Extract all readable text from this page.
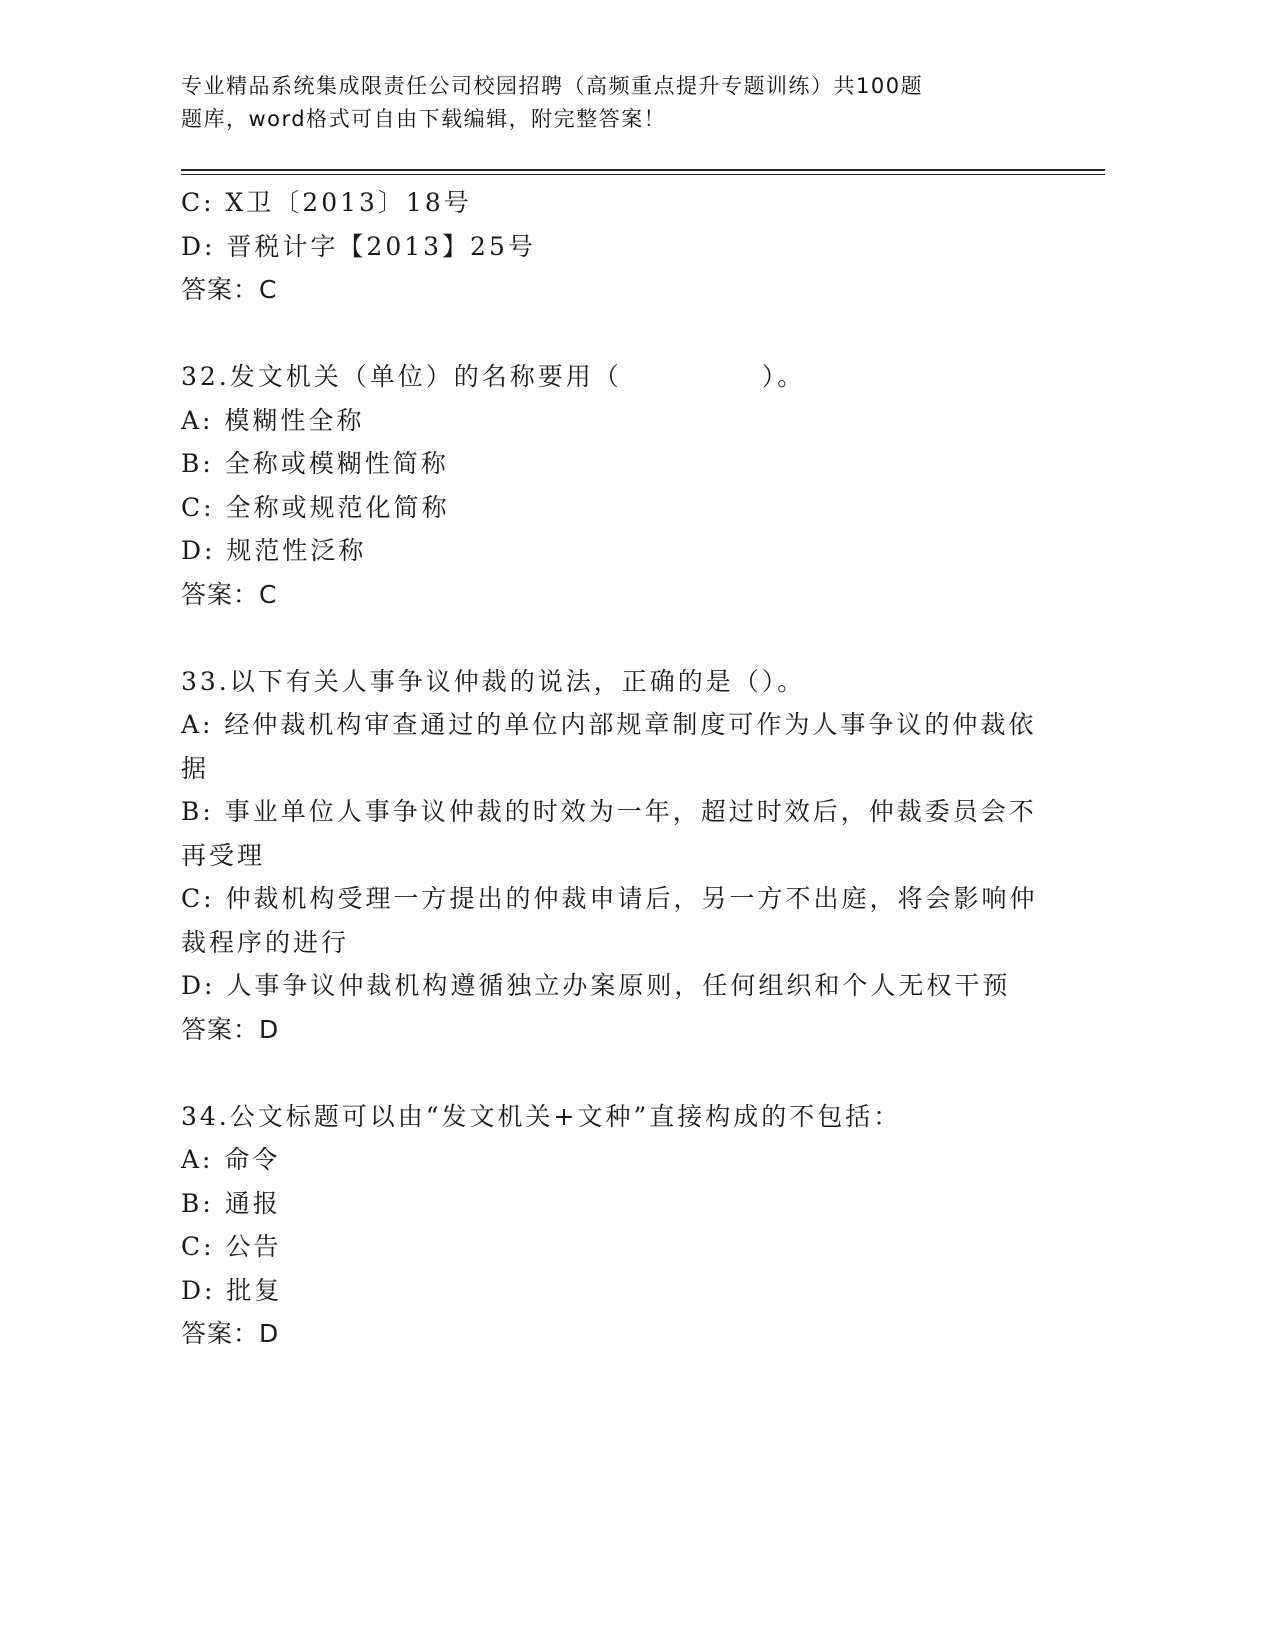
专业精品系统集成限责任公司校园招聘（高频重点提升专题训练）共100题
题库，word格式可自由下载编辑，附完整答案！
C: X卫〔2013〕18号
D: 晋税计字【2013】25号
答案：C
32.发文机关（单位）的名称要用（　　　　　）。
A: 模糊性全称
B: 全称或模糊性简称
C: 全称或规范化简称
D: 规范性泛称
答案：C
33.以下有关人事争议仲裁的说法，正确的是（）。
A: 经仲裁机构审查通过的单位内部规章制度可作为人事争议的仲裁依
据
B: 事业单位人事争议仲裁的时效为一年，超过时效后，仲裁委员会不
再受理
C: 仲裁机构受理一方提出的仲裁申请后，另一方不出庭，将会影响仲
裁程序的进行
D: 人事争议仲裁机构遵循独立办案原则，任何组织和个人无权干预
答案：D
34.公文标题可以由“发文机关+文种”直接构成的不包括：
A: 命令
B: 通报
C: 公告
D: 批复
答案：D
